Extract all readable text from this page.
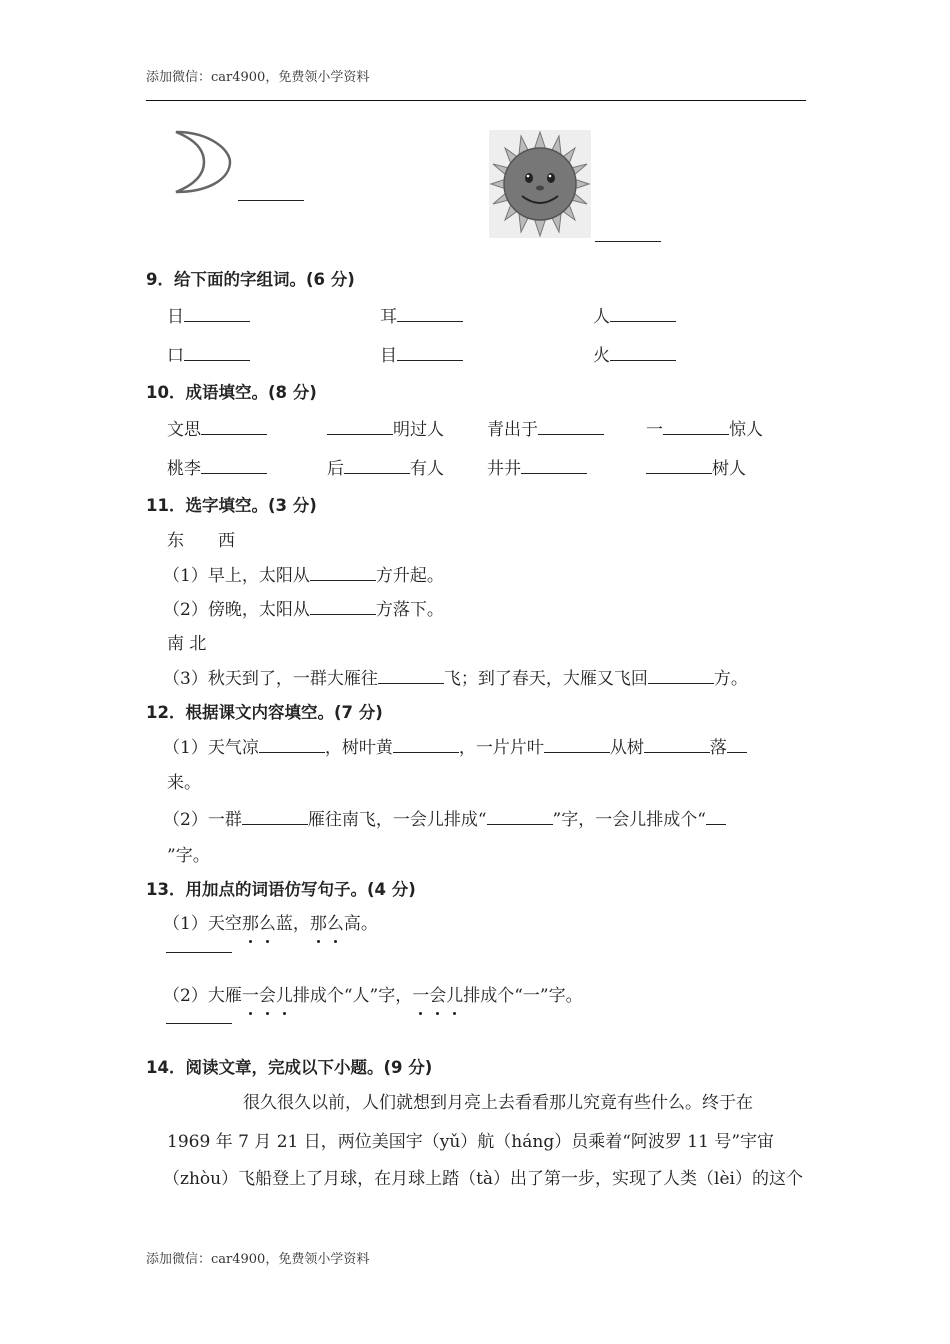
添加微信：car4900，免费领小学资料
9．给下面的字组词。(6 分)
日	耳	人
口	目	火
10．成语填空。(8 分)
文思	明过人	青出于	一	惊人
桃李	后	有人	井井	树人
11．选字填空。(3 分)
东　　西
（1）早上，太阳从	方升起。
（2）傍晚，太阳从	方落下。
南 北
（3）秋天到了，一群大雁往	飞；到了春天，大雁又飞回	方。
12．根据课文内容填空。(7 分)
（1）天气凉	，树叶黄	，一片片叶	从树	落
来。
（2）一群	雁往南飞，一会儿排成“	”字，一会儿排成个“
”字。
13．用加点的词语仿写句子。(4 分)
（1）天空那么蓝，那么高。
（2）大雁一会儿排成个“人”字，一会儿排成个“一”字。
14．阅读文章，完成以下小题。(9 分)
很久很久以前，人们就想到月亮上去看看那儿究竟有些什么。终于在
1969 年 7 月 21 日，两位美国宇（yǔ）航（háng）员乘着“阿波罗 11 号”宇宙
（zhòu）飞船登上了月球，在月球上踏（tà）出了第一步，实现了人类（lèi）的这个
添加微信：car4900，免费领小学资料
